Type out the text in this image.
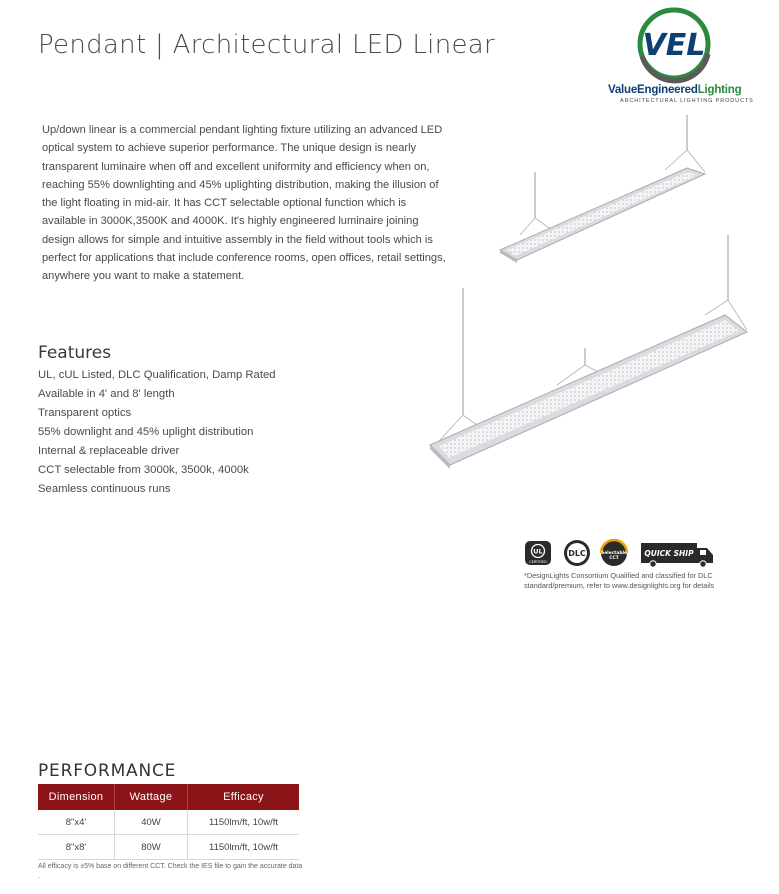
Pendant | Architectural LED Linear	VEL
ValueEngineeredLighting
ARCHITECTURAL LIGHTING PRODUCTS
Up/down linear is a commercial pendant lighting fixture utilizing an advanced LED optical system to achieve superior performance. The unique design is nearly transparent luminaire when off and excellent uniformity and efficiency when on, reaching 55% downlighting and 45% uplighting distribution, making the illusion of the light floating in mid-air. It has CCT selectable optional function which is available in 3000K,3500K and 4000K. It's highly engineered luminaire joining design allows for simple and intuitive assembly in the field without tools which is perfect for applications that include conference rooms, open offices, retail settings, anywhere you want to make a statement.
UL
CERTIFIED
DLC	Selectable
CCT
QUICK SHIP
*DesignLights Consortium Qualified and classified for DLC standard/premium, refer to www.designlights.org for details
Features
UL, cUL Listed, DLC Qualification, Damp Rated
Available in 4' and 8' length
Transparent optics
55% downlight and 45% uplight distribution
Internal & replaceable driver
CCT selectable from 3000k, 3500k, 4000k
Seamless continuous runs
PERFORMANCE
Dimension	Wattage	Efficacy
8"x4'	40W	1150lm/ft, 10w/ft
8"x8'	80W	1150lm/ft, 10w/ft
All efficacy is ±5% base on different CCT. Check the IES file to gain the accurate data .
